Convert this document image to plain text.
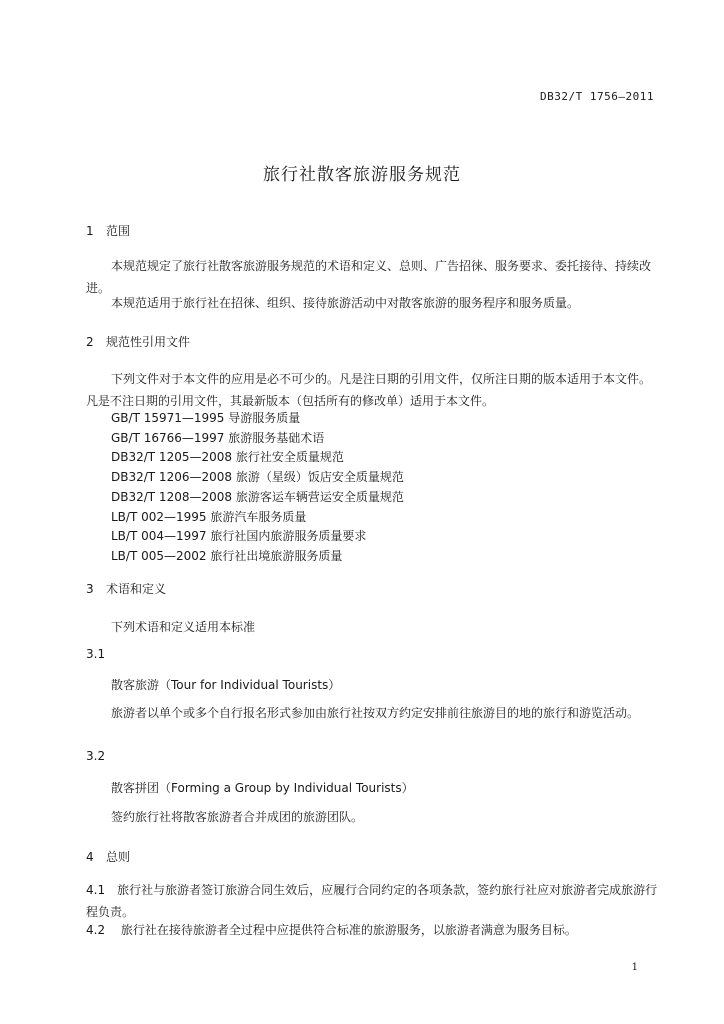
DB32/T 1756—2011
旅行社散客旅游服务规范
1 范围
本规范规定了旅行社散客旅游服务规范的术语和定义、总则、广告招徕、服务要求、委托接待、持续改进。
本规范适用于旅行社在招徕、组织、接待旅游活动中对散客旅游的服务程序和服务质量。
2 规范性引用文件
下列文件对于本文件的应用是必不可少的。凡是注日期的引用文件，仅所注日期的版本适用于本文件。凡是不注日期的引用文件，其最新版本（包括所有的修改单）适用于本文件。
GB/T 15971—1995 导游服务质量
GB/T 16766—1997 旅游服务基础术语
DB32/T 1205—2008 旅行社安全质量规范
DB32/T 1206—2008 旅游（星级）饭店安全质量规范
DB32/T 1208—2008 旅游客运车辆营运安全质量规范
LB/T 002—1995 旅游汽车服务质量
LB/T 004—1997 旅行社国内旅游服务质量要求
LB/T 005—2002 旅行社出境旅游服务质量
3 术语和定义
下列术语和定义适用本标准
3.1
散客旅游（Tour for Individual Tourists）
旅游者以单个或多个自行报名形式参加由旅行社按双方约定安排前往旅游目的地的旅行和游览活动。
3.2
散客拼团（Forming a Group by Individual Tourists）
签约旅行社将散客旅游者合并成团的旅游团队。
4 总则
4.1　旅行社与旅游者签订旅游合同生效后，应履行合同约定的各项条款，签约旅行社应对旅游者完成旅游行程负责。
4.2　 旅行社在接待旅游者全过程中应提供符合标准的旅游服务，以旅游者满意为服务目标。
1
